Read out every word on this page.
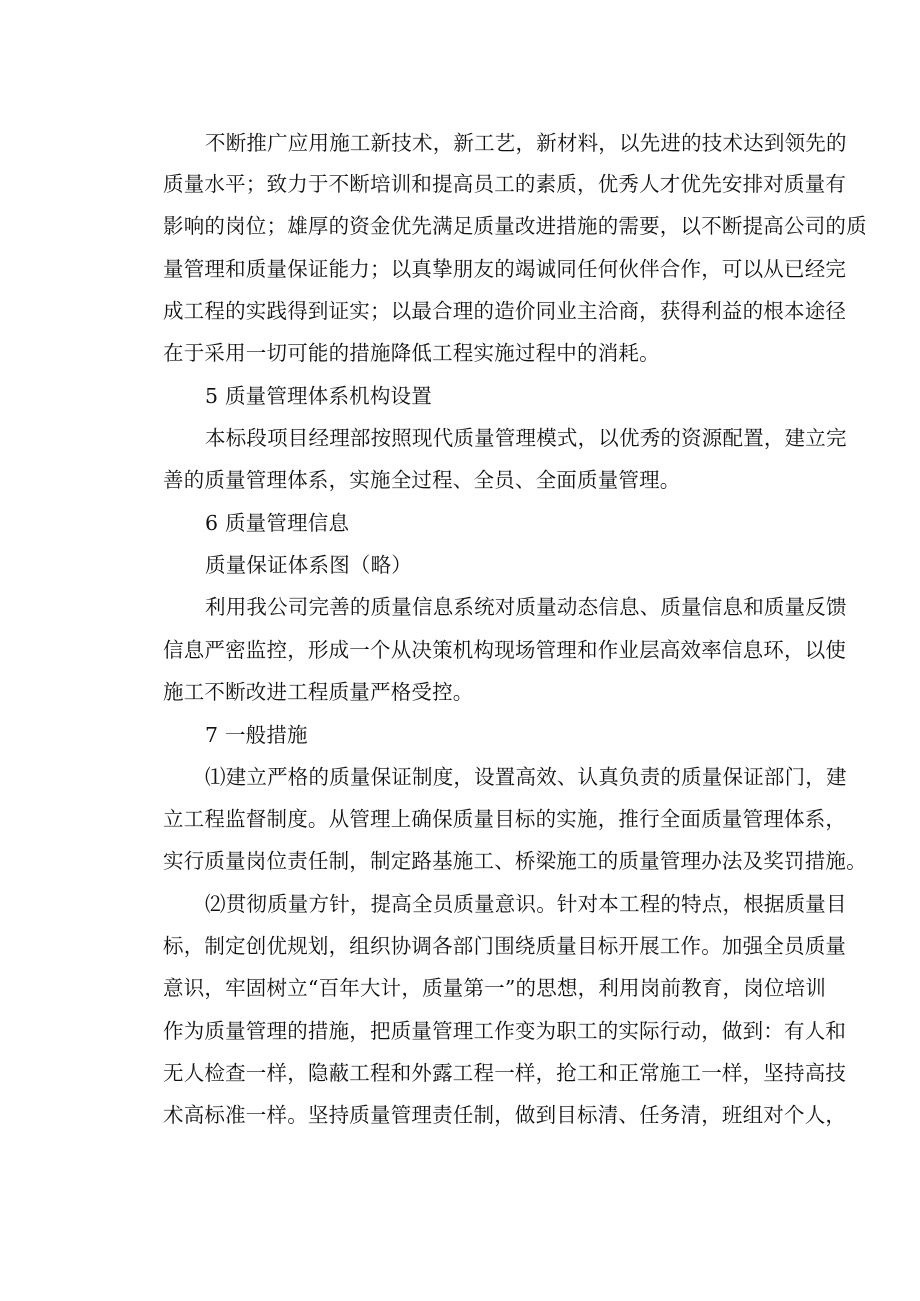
不断推广应用施工新技术，新工艺，新材料，以先进的技术达到领先的
质量水平；致力于不断培训和提高员工的素质，优秀人才优先安排对质量有
影响的岗位；雄厚的资金优先满足质量改进措施的需要，以不断提高公司的质
量管理和质量保证能力；以真挚朋友的竭诚同任何伙伴合作，可以从已经完
成工程的实践得到证实；以最合理的造价同业主洽商，获得利益的根本途径
在于采用一切可能的措施降低工程实施过程中的消耗。
5 质量管理体系机构设置
本标段项目经理部按照现代质量管理模式，以优秀的资源配置，建立完
善的质量管理体系，实施全过程、全员、全面质量管理。
6 质量管理信息
质量保证体系图（略）
利用我公司完善的质量信息系统对质量动态信息、质量信息和质量反馈
信息严密监控，形成一个从决策机构现场管理和作业层高效率信息环，以使
施工不断改进工程质量严格受控。
7 一般措施
⑴建立严格的质量保证制度，设置高效、认真负责的质量保证部门，建
立工程监督制度。从管理上确保质量目标的实施，推行全面质量管理体系，
实行质量岗位责任制，制定路基施工、桥梁施工的质量管理办法及奖罚措施。
⑵贯彻质量方针，提高全员质量意识。针对本工程的特点，根据质量目
标，制定创优规划，组织协调各部门围绕质量目标开展工作。加强全员质量
意识，牢固树立“百年大计，质量第一”的思想，利用岗前教育，岗位培训
作为质量管理的措施，把质量管理工作变为职工的实际行动，做到：有人和
无人检查一样，隐蔽工程和外露工程一样，抢工和正常施工一样，坚持高技
术高标准一样。坚持质量管理责任制，做到目标清、任务清，班组对个人，
